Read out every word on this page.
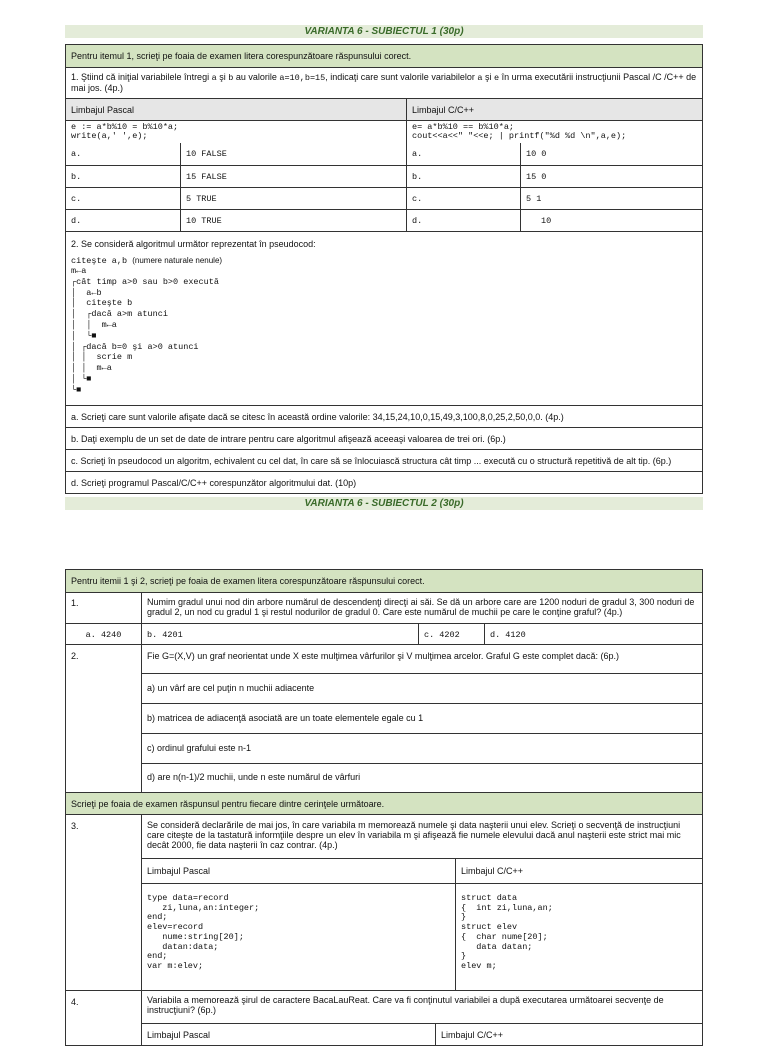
VARIANTA 6 - SUBIECTUL 1 (30p)
Pentru itemul 1, scrieţi pe foaia de examen litera corespunzătoare răspunsului corect.
1. Ştiind că iniţial variabilele întregi a şi b au valorile a=10,b=15, indicaţi care sunt valorile variabilelor a şi e în urma executării instrucţiunii Pascal /C /C++ de mai jos. (4p.)
Limbajul Pascal	Limbajul C/C++
e := a*b%10 = b%10*a;
write(a,' ',e);
e= a*b%10 == b%10*a;
cout<<a<<" "<<e; | printf("%d %d \n",a,e);
a.	10 FALSE	a.	10 0
b.	15 FALSE	b.	15 0
c.	5 TRUE	c.	5 1
d.	10 TRUE	d.	10
2. Se consideră algoritmul următor reprezentat în pseudocod:
citeşte a,b (numere naturale nenule)
m←a
┌cât timp a>0 sau b>0 execută
│  a←b
│  citeşte b
│  ┌dacă a>m atunci
│  │  m←a
│  └■
│ ┌dacă b=0 şi a>0 atunci
│ │  scrie m
│ │  m←a
│ └■
└■
a. Scrieţi care sunt valorile afişate dacă se citesc în această ordine valorile: 34,15,24,10,0,15,49,3,100,8,0,25,2,50,0,0. (4p.)
b. Daţi exemplu de un set de date de intrare pentru care algoritmul afişează aceeaşi valoarea de trei ori. (6p.)
c. Scrieţi în pseudocod un algoritm, echivalent cu cel dat, în care să se înlocuiască structura cât timp ... execută cu o structură repetitivă de alt tip. (6p.)
d. Scrieţi programul Pascal/C/C++ corespunzător algoritmului dat. (10p)
VARIANTA 6 - SUBIECTUL 2 (30p)
Pentru itemii 1 şi 2, scrieţi pe foaia de examen litera corespunzătoare răspunsului corect.
1.	Numim gradul unui nod din arbore numărul de descendenţi direcţi ai săi. Se dă un arbore care are 1200 noduri de gradul 3, 300 noduri de gradul 2, un nod cu gradul 1 şi restul nodurilor de gradul 0. Care este numărul de muchii pe care le conţine graful? (4p.)
a. 4240	b. 4201	c. 4202	d. 4120
2.	Fie G=(X,V) un graf neorientat unde X este mulţimea vârfurilor şi V mulţimea arcelor. Graful G este complet dacă: (6p.)
a) un vârf are cel puţin n muchii adiacente
b) matricea de adiacenţă asociată are un toate elementele egale cu 1
c) ordinul grafului este n-1
d) are n(n-1)/2 muchii, unde n este numărul de vârfuri
Scrieţi pe foaia de examen răspunsul pentru fiecare dintre cerinţele următoare.
3.	Se consideră declarările de mai jos, în care variabila m memorează numele şi data naşterii unui elev. Scrieţi o secvenţă de instrucţiuni care citeşte de la tastatură informţiile despre un elev în variabila m şi afişează fie numele elevului dacă anul naşterii este strict mai mic decât 2000, fie data naşterii în caz contrar. (4p.)
Limbajul Pascal	Limbajul C/C++
type data=record
zi,luna,an:integer;
end;
elev=record
nume:string[20];
datan:data;
end;
var m:elev;
struct data
{  int zi,luna,an;
}
struct elev
{  char nume[20];
data datan;
}
elev m;
4.	Variabila a memorează şirul de caractere BacaLauReat. Care va fi conţinutul variabilei a după executarea următoarei secvenţe de instrucţiuni? (6p.)
Limbajul Pascal	Limbajul C/C++
